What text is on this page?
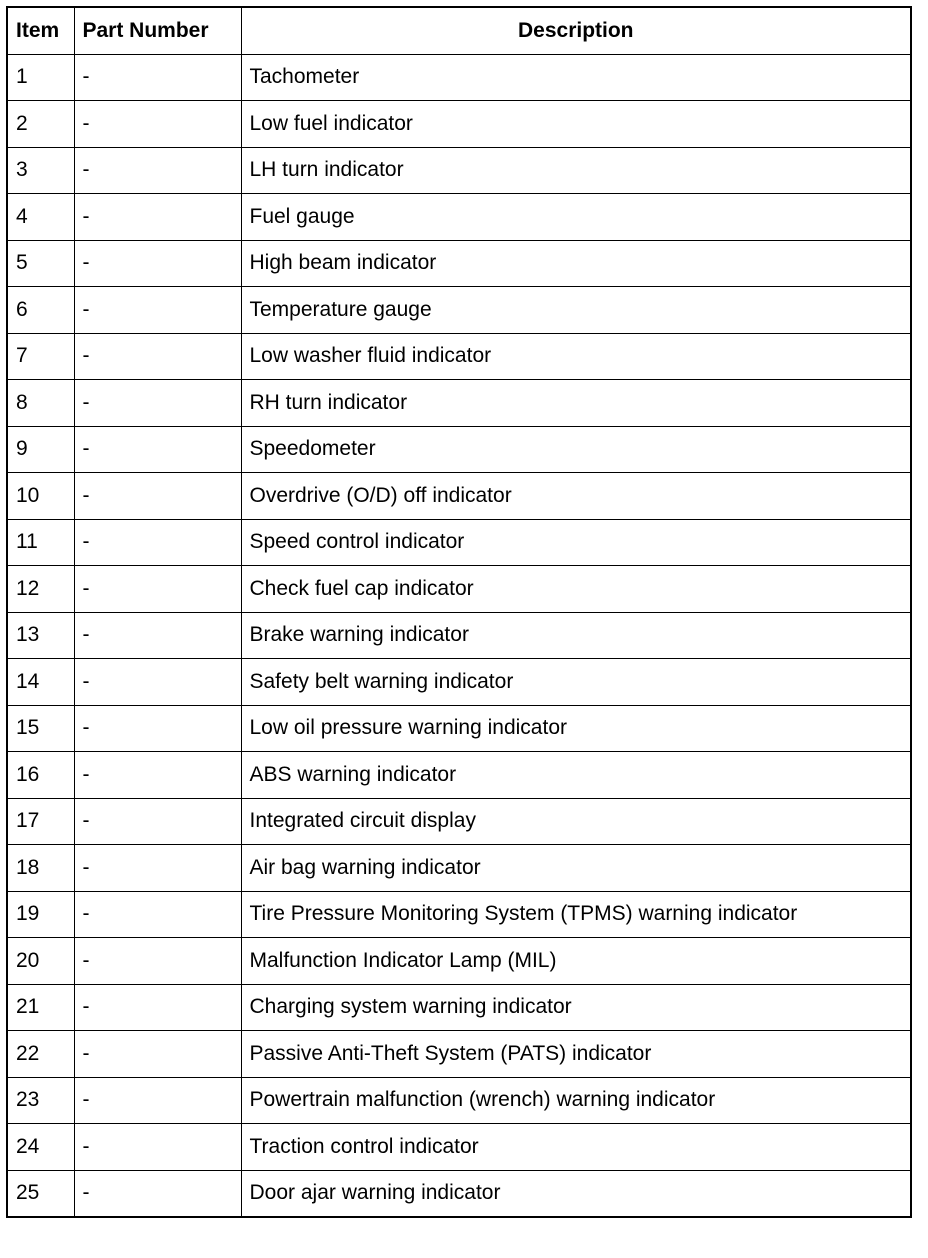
Item	Part Number	Description
1	-	Tachometer
2	-	Low fuel indicator
3	-	LH turn indicator
4	-	Fuel gauge
5	-	High beam indicator
6	-	Temperature gauge
7	-	Low washer fluid indicator
8	-	RH turn indicator
9	-	Speedometer
10	-	Overdrive (O/D) off indicator
11	-	Speed control indicator
12	-	Check fuel cap indicator
13	-	Brake warning indicator
14	-	Safety belt warning indicator
15	-	Low oil pressure warning indicator
16	-	ABS warning indicator
17	-	Integrated circuit display
18	-	Air bag warning indicator
19	-	Tire Pressure Monitoring System (TPMS) warning indicator
20	-	Malfunction Indicator Lamp (MIL)
21	-	Charging system warning indicator
22	-	Passive Anti-Theft System (PATS) indicator
23	-	Powertrain malfunction (wrench) warning indicator
24	-	Traction control indicator
25	-	Door ajar warning indicator
